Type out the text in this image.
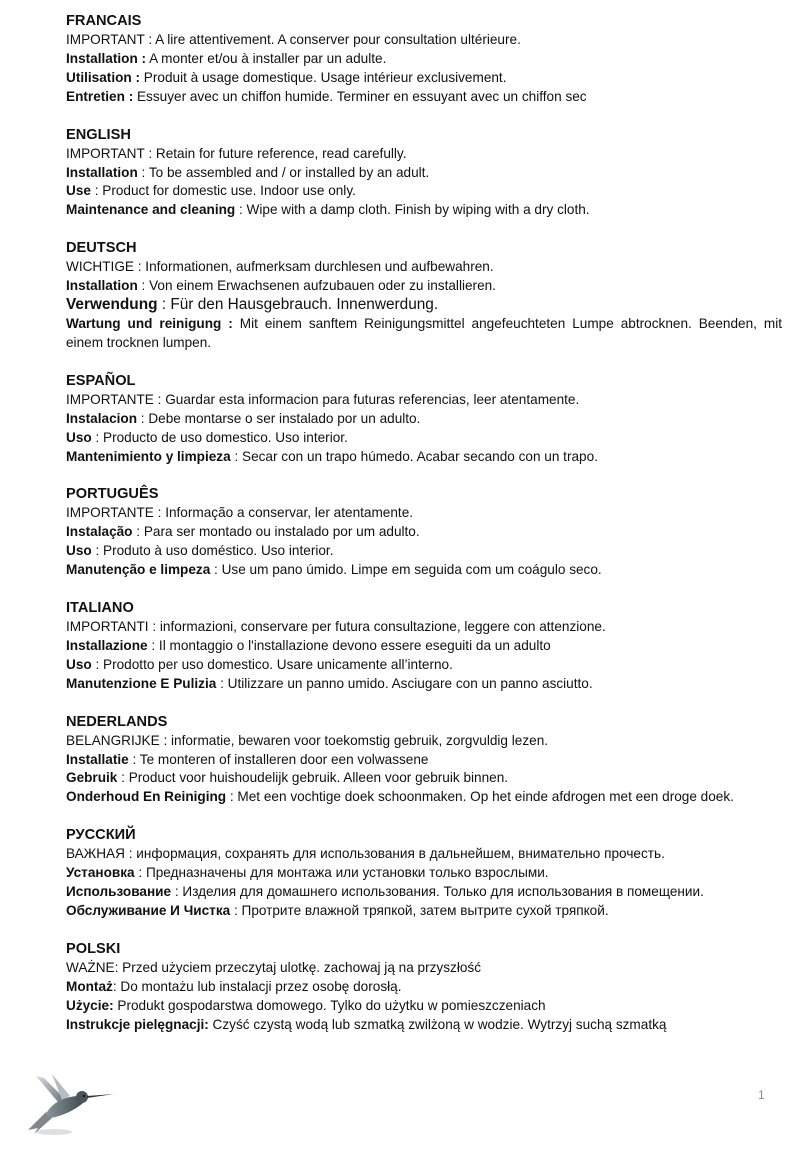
FRANCAIS
IMPORTANT : A lire attentivement. A conserver pour consultation ultérieure.
Installation : A monter et/ou à installer par un adulte.
Utilisation : Produit à usage domestique. Usage intérieur exclusivement.
Entretien : Essuyer avec un chiffon humide. Terminer en essuyant avec un chiffon sec
ENGLISH
IMPORTANT : Retain for future reference, read carefully.
Installation : To be assembled and / or installed by an adult.
Use : Product for domestic use. Indoor use only.
Maintenance and cleaning : Wipe with a damp cloth. Finish by wiping with a dry cloth.
DEUTSCH
WICHTIGE : Informationen, aufmerksam durchlesen und aufbewahren.
Installation : Von einem Erwachsenen aufzubauen oder zu installieren.
Verwendung : Für den Hausgebrauch. Innenwerdung.
Wartung und reinigung : Mit einem sanftem Reinigungsmittel angefeuchteten Lumpe abtrocknen. Beenden, mit einem trocknen lumpen.
ESPAÑOL
IMPORTANTE : Guardar esta informacion para futuras referencias, leer atentamente.
Instalacion : Debe montarse o ser instalado por un adulto.
Uso : Producto de uso domestico. Uso interior.
Mantenimiento y limpieza : Secar con un trapo húmedo. Acabar secando con un trapo.
PORTUGUÊS
IMPORTANTE : Informação a conservar, ler atentamente.
Instalação : Para ser montado ou instalado por um adulto.
Uso : Produto à uso doméstico. Uso interior.
Manutenção e limpeza : Use um pano úmido. Limpe em seguida com um coágulo seco.
ITALIANO
IMPORTANTI : informazioni, conservare per futura consultazione, leggere con attenzione.
Installazione : Il montaggio o l'installazione devono essere eseguiti da un adulto
Uso : Prodotto per uso domestico. Usare unicamente all’interno.
Manutenzione E Pulizia : Utilizzare un panno umido. Asciugare con un panno asciutto.
NEDERLANDS
BELANGRIJKE : informatie, bewaren voor toekomstig gebruik, zorgvuldig lezen.
Installatie : Te monteren of installeren door een volwassene
Gebruik : Product voor huishoudelijk gebruik. Alleen voor gebruik binnen.
Onderhoud En Reiniging : Met een vochtige doek schoonmaken. Op het einde afdrogen met een droge doek.
РУССКИЙ
ВАЖНАЯ : информация, сохранять для использования в дальнейшем, внимательно прочесть.
Установка : Предназначены для монтажа или установки только взрослыми.
Использование : Изделия для домашнего использования. Только для использования в помещении.
Обслуживание И Чистка : Протрите влажной тряпкой, затем вытрите сухой тряпкой.
POLSKI
WAŻNE: Przed użyciem przeczytaj ulotkę. zachowaj ją na przyszłość
Montaż: Do montażu lub instalacji przez osobę dorosłą.
Użycie: Produkt gospodarstwa domowego. Tylko do użytku w pomieszczeniach
Instrukcje pielęgnacji: Czyść czystą wodą lub szmatką zwilżoną w wodzie. Wytrzyj suchą szmatką
1
